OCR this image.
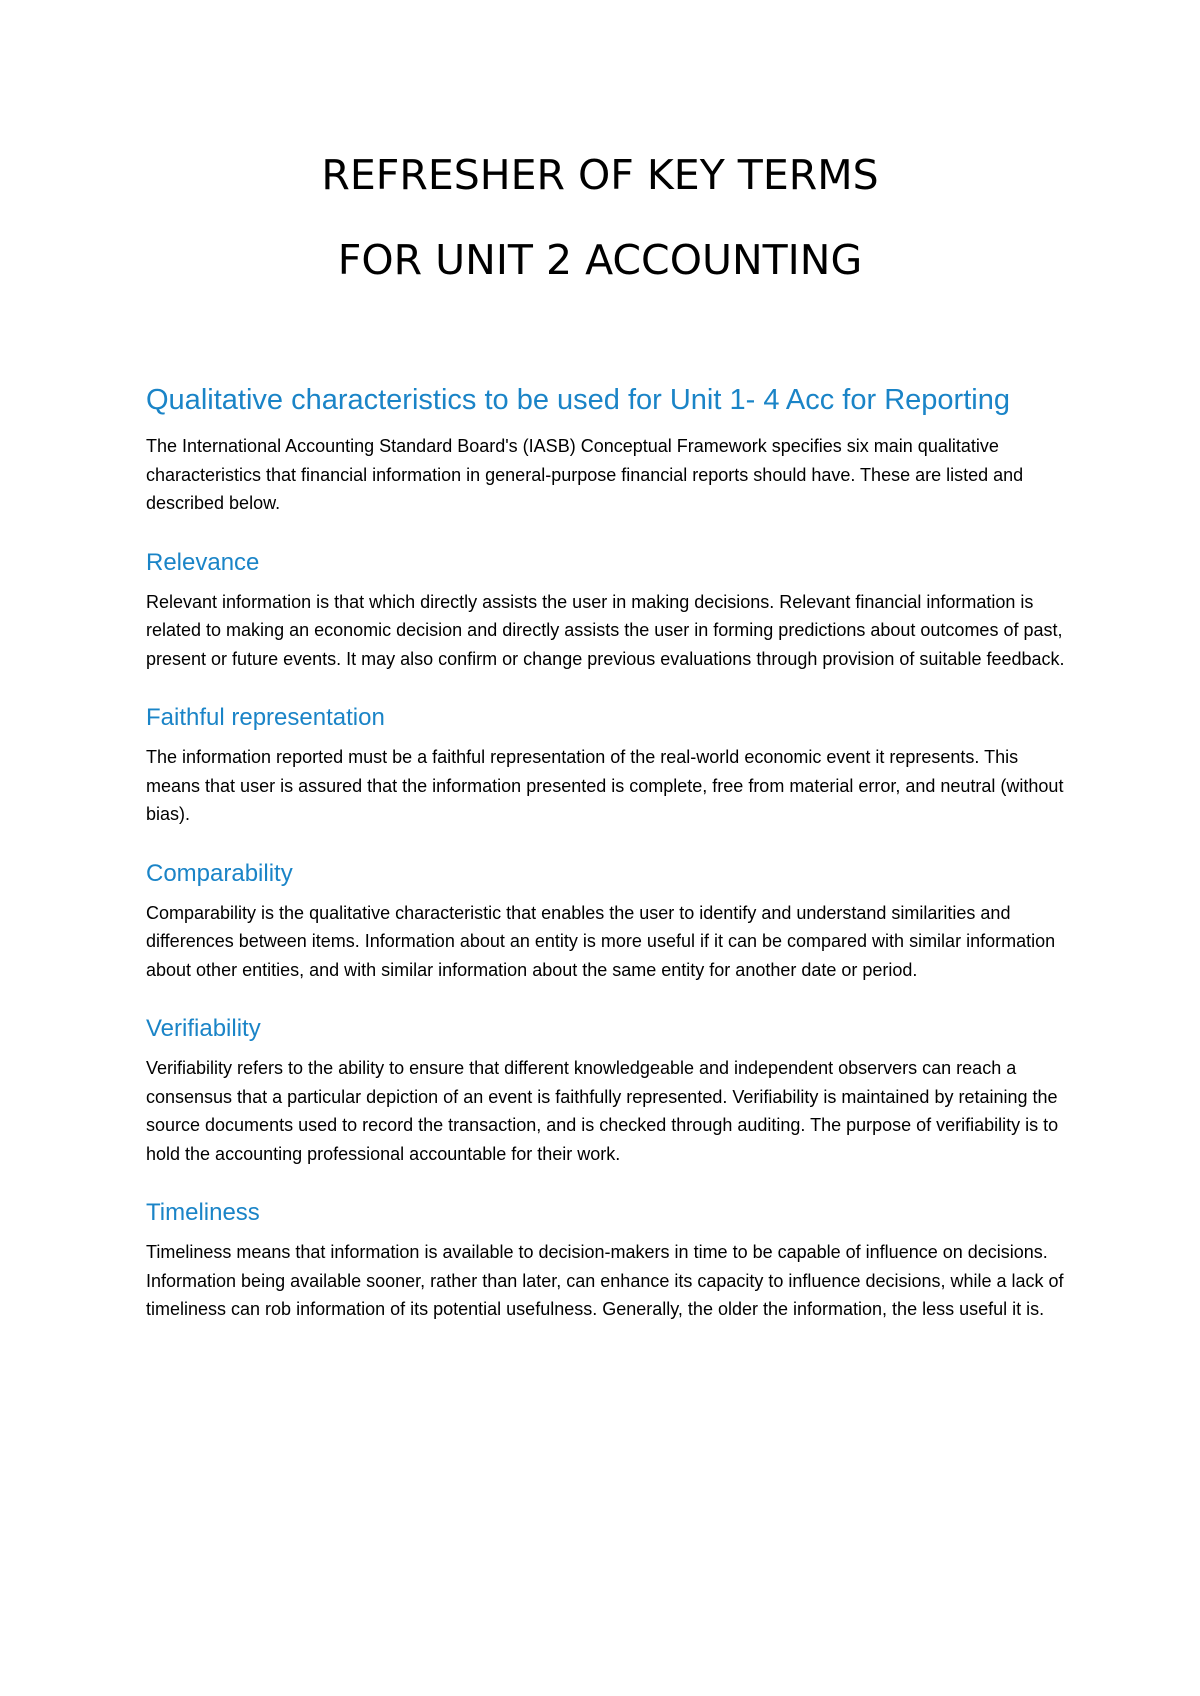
REFRESHER OF KEY TERMS
FOR UNIT 2 ACCOUNTING
Qualitative characteristics to be used for Unit 1- 4 Acc for Reporting

The International Accounting Standard Board's (IASB) Conceptual Framework specifies six main qualitative characteristics that financial information in general-purpose financial reports should have. These are listed and described below.

Relevance

Relevant information is that which directly assists the user in making decisions. Relevant financial information is related to making an economic decision and directly assists the user in forming predictions about outcomes of past, present or future events. It may also confirm or change previous evaluations through provision of suitable feedback.

Faithful representation

The information reported must be a faithful representation of the real-world economic event it represents. This means that user is assured that the information presented is complete, free from material error, and neutral (without bias).

Comparability

Comparability is the qualitative characteristic that enables the user to identify and understand similarities and differences between items. Information about an entity is more useful if it can be compared with similar information about other entities, and with similar information about the same entity for another date or period.

Verifiability

Verifiability refers to the ability to ensure that different knowledgeable and independent observers can reach a consensus that a particular depiction of an event is faithfully represented. Verifiability is maintained by retaining the source documents used to record the transaction, and is checked through auditing. The purpose of verifiability is to hold the accounting professional accountable for their work.

Timeliness

Timeliness means that information is available to decision-makers in time to be capable of influence on decisions. Information being available sooner, rather than later, can enhance its capacity to influence decisions, while a lack of timeliness can rob information of its potential usefulness. Generally, the older the information, the less useful it is.
